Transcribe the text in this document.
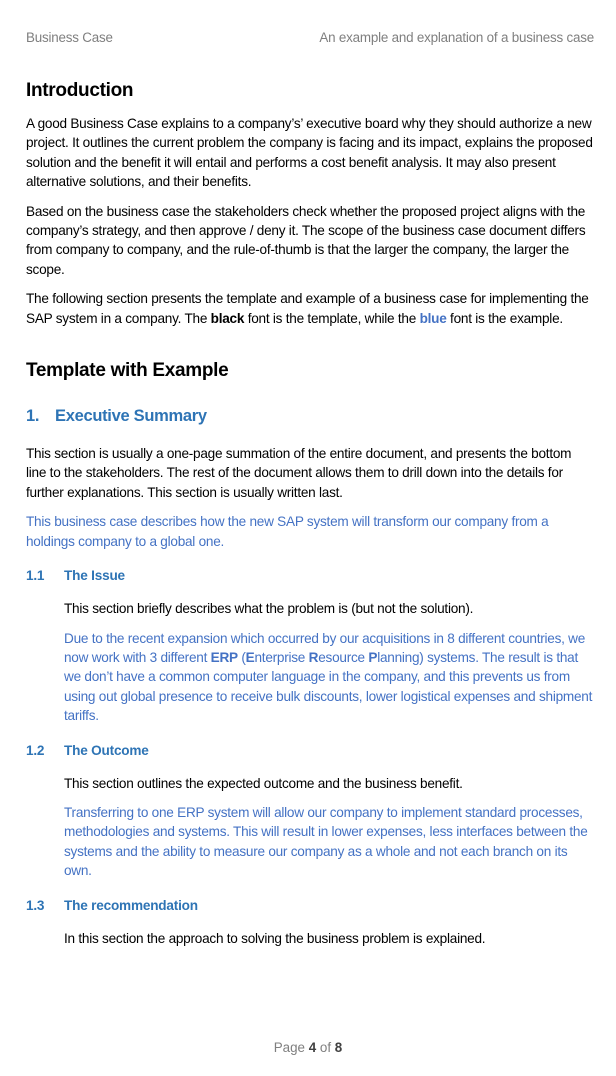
Business Case	An example and explanation of a business case
Introduction

A good Business Case explains to a company’s’ executive board why they should authorize a new project. It outlines the current problem the company is facing and its impact, explains the proposed solution and the benefit it will entail and performs a cost benefit analysis. It may also present alternative solutions, and their benefits.

Based on the business case the stakeholders check whether the proposed project aligns with the company’s strategy, and then approve / deny it. The scope of the business case document differs from company to company, and the rule-of-thumb is that the larger the company, the larger the scope.

The following section presents the template and example of a business case for implementing the SAP system in a company. The black font is the template, while the blue font is the example.

Template with Example
1. Executive Summary

This section is usually a one-page summation of the entire document, and presents the bottom line to the stakeholders. The rest of the document allows them to drill down into the details for further explanations. This section is usually written last.

This business case describes how the new SAP system will transform our company from a holdings company to a global one.

1.1	The Issue

This section briefly describes what the problem is (but not the solution).

Due to the recent expansion which occurred by our acquisitions in 8 different countries, we now work with 3 different ERP (Enterprise Resource Planning) systems. The result is that we don’t have a common computer language in the company, and this prevents us from using out global presence to receive bulk discounts, lower logistical expenses and shipment tariffs.

1.2	The Outcome

This section outlines the expected outcome and the business benefit.

Transferring to one ERP system will allow our company to implement standard processes, methodologies and systems. This will result in lower expenses, less interfaces between the systems and the ability to measure our company as a whole and not each branch on its own.

1.3	The recommendation

In this section the approach to solving the business problem is explained.

Page 4 of 8
